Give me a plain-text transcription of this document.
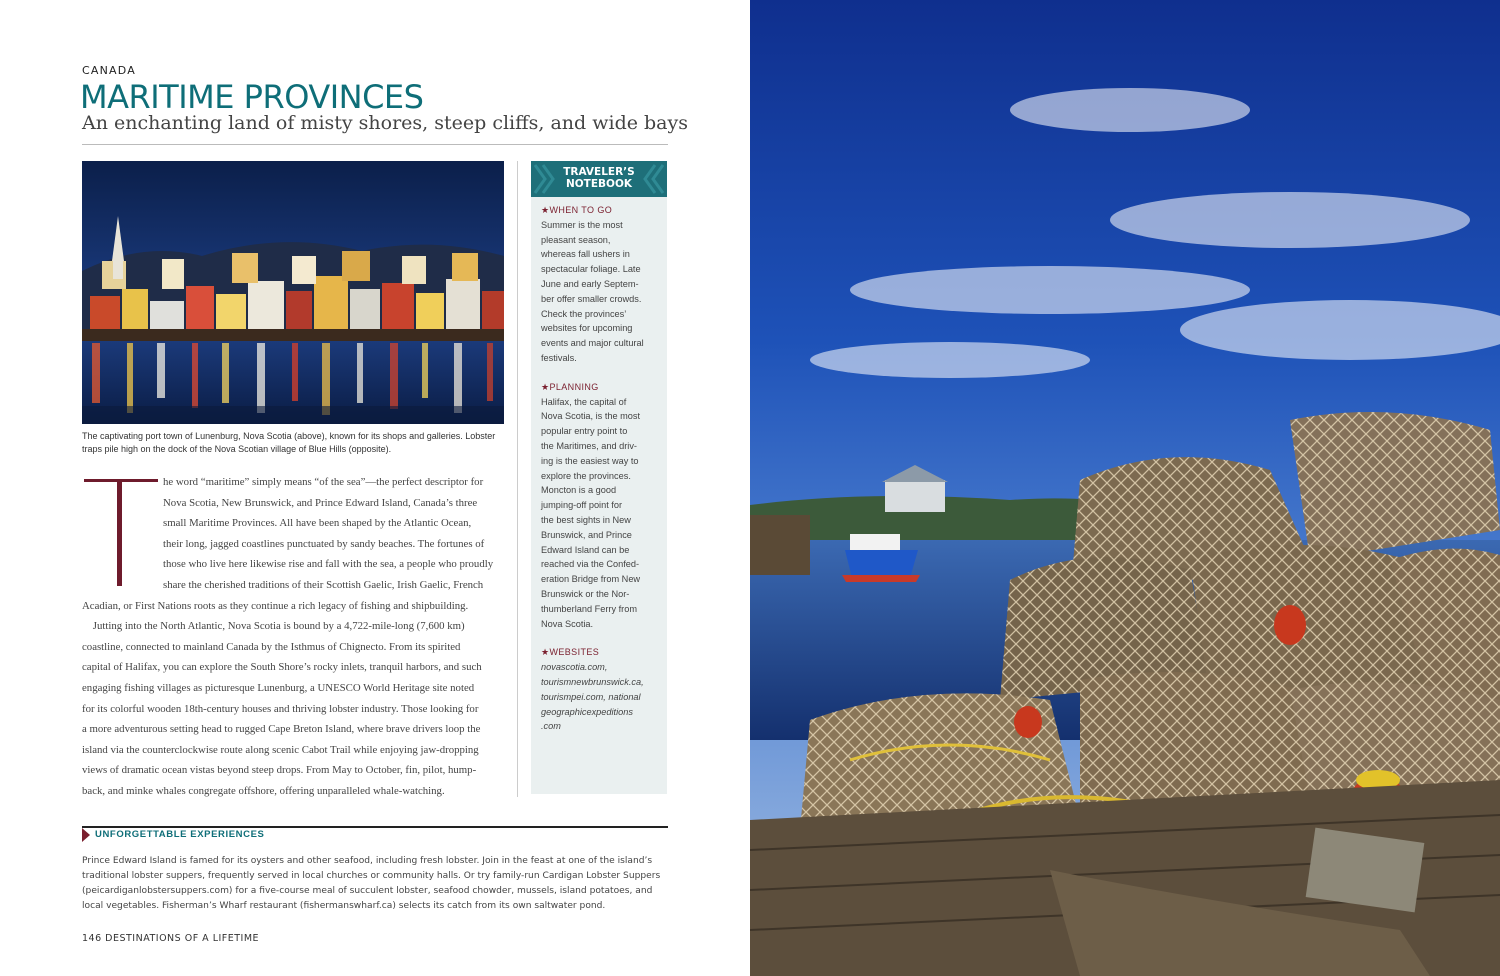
CANADA
MARITIME PROVINCES
An enchanting land of misty shores, steep cliffs, and wide bays
The captivating port town of Lunenburg, Nova Scotia (above), known for its shops and galleries. Lobster traps pile high on the dock of the Nova Scotian village of Blue Hills (opposite).
he word “maritime” simply means “of the sea”—the perfect descriptor for
Nova Scotia, New Brunswick, and Prince Edward Island, Canada’s three
small Maritime Provinces. All have been shaped by the Atlantic Ocean,
their long, jagged coastlines punctuated by sandy beaches. The fortunes of
those who live here likewise rise and fall with the sea, a people who proudly
share the cherished traditions of their Scottish Gaelic, Irish Gaelic, French
Acadian, or First Nations roots as they continue a rich legacy of fishing and shipbuilding.
 Jutting into the North Atlantic, Nova Scotia is bound by a 4,722-mile-long (7,600 km)
coastline, connected to mainland Canada by the Isthmus of Chignecto. From its spirited
capital of Halifax, you can explore the South Shore’s rocky inlets, tranquil harbors, and such
engaging fishing villages as picturesque Lunenburg, a UNESCO World Heritage site noted
for its colorful wooden 18th-century houses and thriving lobster industry. Those looking for
a more adventurous setting head to rugged Cape Breton Island, where brave drivers loop the
island via the counterclockwise route along scenic Cabot Trail while enjoying jaw-dropping
views of dramatic ocean vistas beyond steep drops. From May to October, fin, pilot, hump-
back, and minke whales congregate offshore, offering unparalleled whale-watching.
TRAVELER’S
NOTEBOOK
★WHEN TO GO
Summer is the most
pleasant season,
whereas fall ushers in
spectacular foliage. Late
June and early Septem-
ber offer smaller crowds.
Check the provinces’
websites for upcoming
events and major cultural
festivals.
★PLANNING
Halifax, the capital of
Nova Scotia, is the most
popular entry point to
the Maritimes, and driv-
ing is the easiest way to
explore the provinces.
Moncton is a good
jumping-off point for
the best sights in New
Brunswick, and Prince
Edward Island can be
reached via the Confed-
eration Bridge from New
Brunswick or the Nor-
thumberland Ferry from
Nova Scotia.
★WEBSITES
novascotia.com,
tourismnewbrunswick.ca,
tourismpei.com, national
geographicexpeditions
.com
UNFORGETTABLE EXPERIENCES
Prince Edward Island is famed for its oysters and other seafood, including fresh lobster. Join in the feast at one of the island’s
traditional lobster suppers, frequently served in local churches or community halls. Or try family-run Cardigan Lobster Suppers
(peicardiganlobstersuppers.com) for a five-course meal of succulent lobster, seafood chowder, mussels, island potatoes, and
local vegetables. Fisherman’s Wharf restaurant (fishermanswharf.ca) selects its catch from its own saltwater pond.
146 DESTINATIONS OF A LIFETIME
